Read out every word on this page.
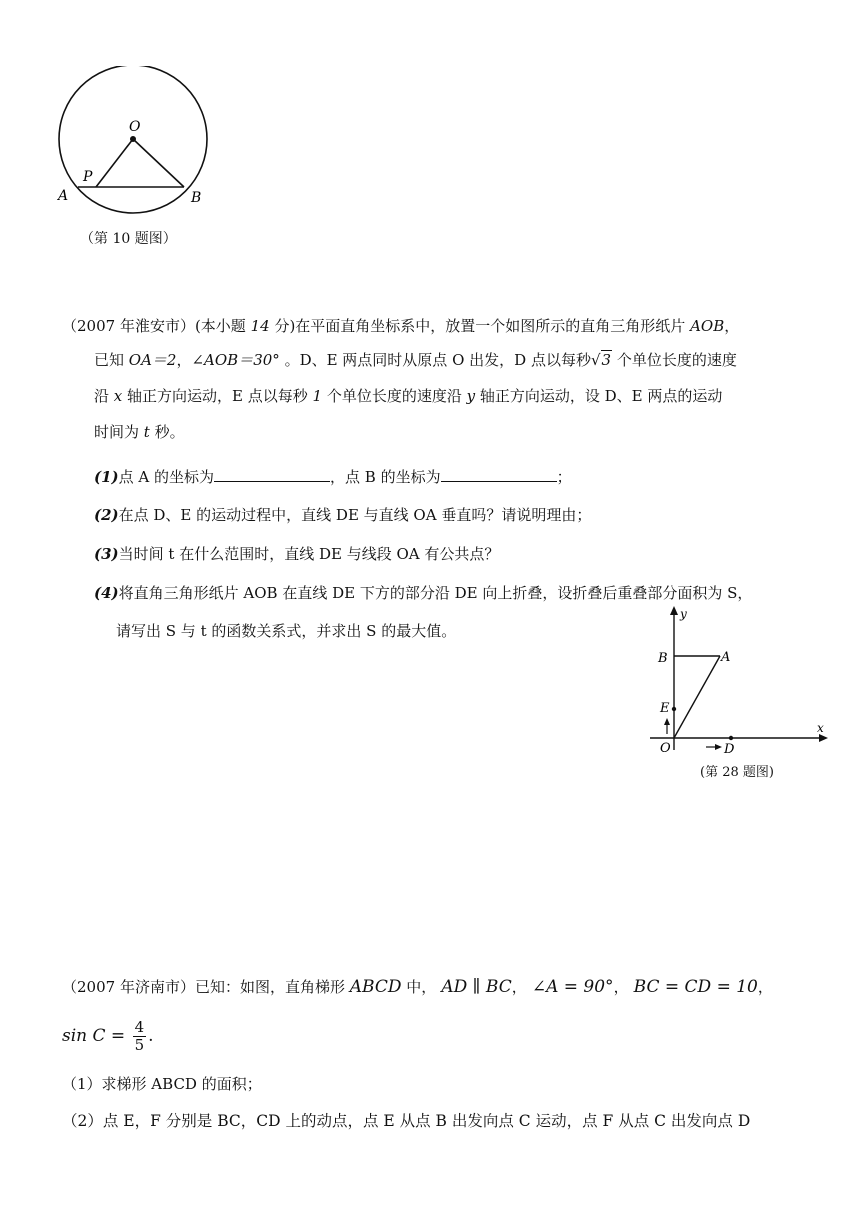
O
P
A	B
（第 10 题图）
（2007 年淮安市）(本小题 14 分)在平面直角坐标系中，放置一个如图所示的直角三角形纸片 AOB，
已知 OA＝2，∠AOB＝30° 。D、E 两点同时从原点 O 出发，D 点以每秒√3 个单位长度的速度
沿 x 轴正方向运动，E 点以每秒 1 个单位长度的速度沿 y 轴正方向运动，设 D、E 两点的运动
时间为 t 秒。
(1)点 A 的坐标为	，点 B 的坐标为	；
(2)在点 D、E 的运动过程中，直线 DE 与直线 OA 垂直吗？请说明理由；
(3)当时间 t 在什么范围时，直线 DE 与线段 OA 有公共点？
(4)将直角三角形纸片 AOB 在直线 DE 下方的部分沿 DE 向上折叠，设折叠后重叠部分面积为 S，
请写出 S 与 t 的函数关系式，并求出 S 的最大值。
y
x
B	A
E
O	D
(第 28 题图)
（2007 年济南市）已知：如图，直角梯形 ABCD 中， AD ∥ BC， ∠A = 90°， BC = CD = 10，
$\sin C = \frac{4}{5}$ .
（1）求梯形 ABCD 的面积；
（2）点 E，F 分别是 BC，CD 上的动点，点 E 从点 B 出发向点 C 运动，点 F 从点 C 出发向点 D
